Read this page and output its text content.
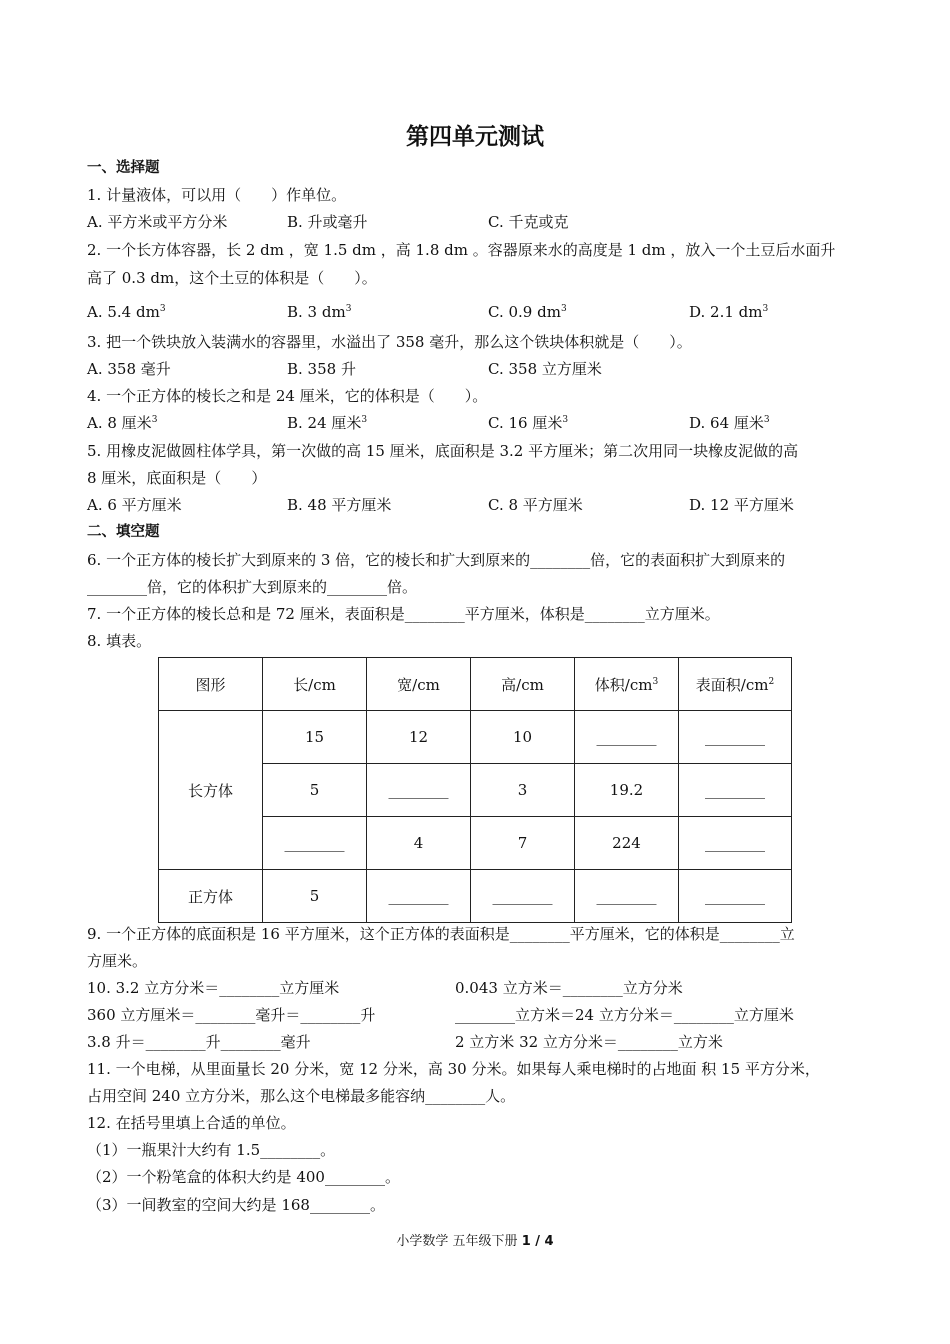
第四单元测试
一、选择题
1. 计量液体，可以用（　　）作单位。
A. 平方米或平方分米	B. 升或毫升	C. 千克或克
2. 一个长方体容器，长 2 dm ，宽 1.5 dm ，高 1.8 dm 。容器原来水的高度是 1 dm ，放入一个土豆后水面升
高了 0.3 dm，这个土豆的体积是（　　）。
A. 5.4 $dm^3$	B. 3 $dm^3$	C. 0.9 $dm^3$	D. 2.1 $dm^3$
3. 把一个铁块放入装满水的容器里，水溢出了 358 毫升，那么这个铁块体积就是（　　）。
A. 358 毫升	B. 358 升	C. 358 立方厘米
4. 一个正方体的棱长之和是 24 厘米，它的体积是（　　）。
A. 8 厘米$^3$	B. 24 厘米$^3$	C. 16 厘米$^3$	D. 64 厘米$^3$
5. 用橡皮泥做圆柱体学具，第一次做的高 15 厘米，底面积是 3.2 平方厘米；第二次用同一块橡皮泥做的高
8 厘米，底面积是（　　）
A. 6 平方厘米	B. 48 平方厘米	C. 8 平方厘米	D. 12 平方厘米
二、填空题
6. 一个正方体的棱长扩大到原来的 3 倍，它的棱长和扩大到原来的________倍，它的表面积扩大到原来的
________倍，它的体积扩大到原来的________倍。
7. 一个正方体的棱长总和是 72 厘米，表面积是________平方厘米，体积是________立方厘米。
8. 填表。
图形	长/cm	宽/cm	高/cm	体积$/cm^3$	表面积$/cm^2$
长方体	15	12	10	________	________
	5	________	3	19.2	________
	________	4	7	224	________
正方体	5	________	________	________	________
9. 一个正方体的底面积是 16 平方厘米，这个正方体的表面积是________平方厘米，它的体积是________立
方厘米。
10. 3.2 立方分米＝________立方厘米	0.043 立方米＝________立方分米
360 立方厘米＝________毫升＝________升	________立方米＝24 立方分米＝________立方厘米
3.8 升＝________升________毫升	2 立方米 32 立方分米＝________立方米
11. 一个电梯，从里面量长 20 分米，宽 12 分米，高 30 分米。如果每人乘电梯时的占地面 积 15 平方分米，
占用空间 240 立方分米，那么这个电梯最多能容纳________人。
12. 在括号里填上合适的单位。
（1）一瓶果汁大约有 1.5________。
（2）一个粉笔盒的体积大约是 400________。
（3）一间教室的空间大约是 168________。
小学数学 五年级下册 1 / 4
